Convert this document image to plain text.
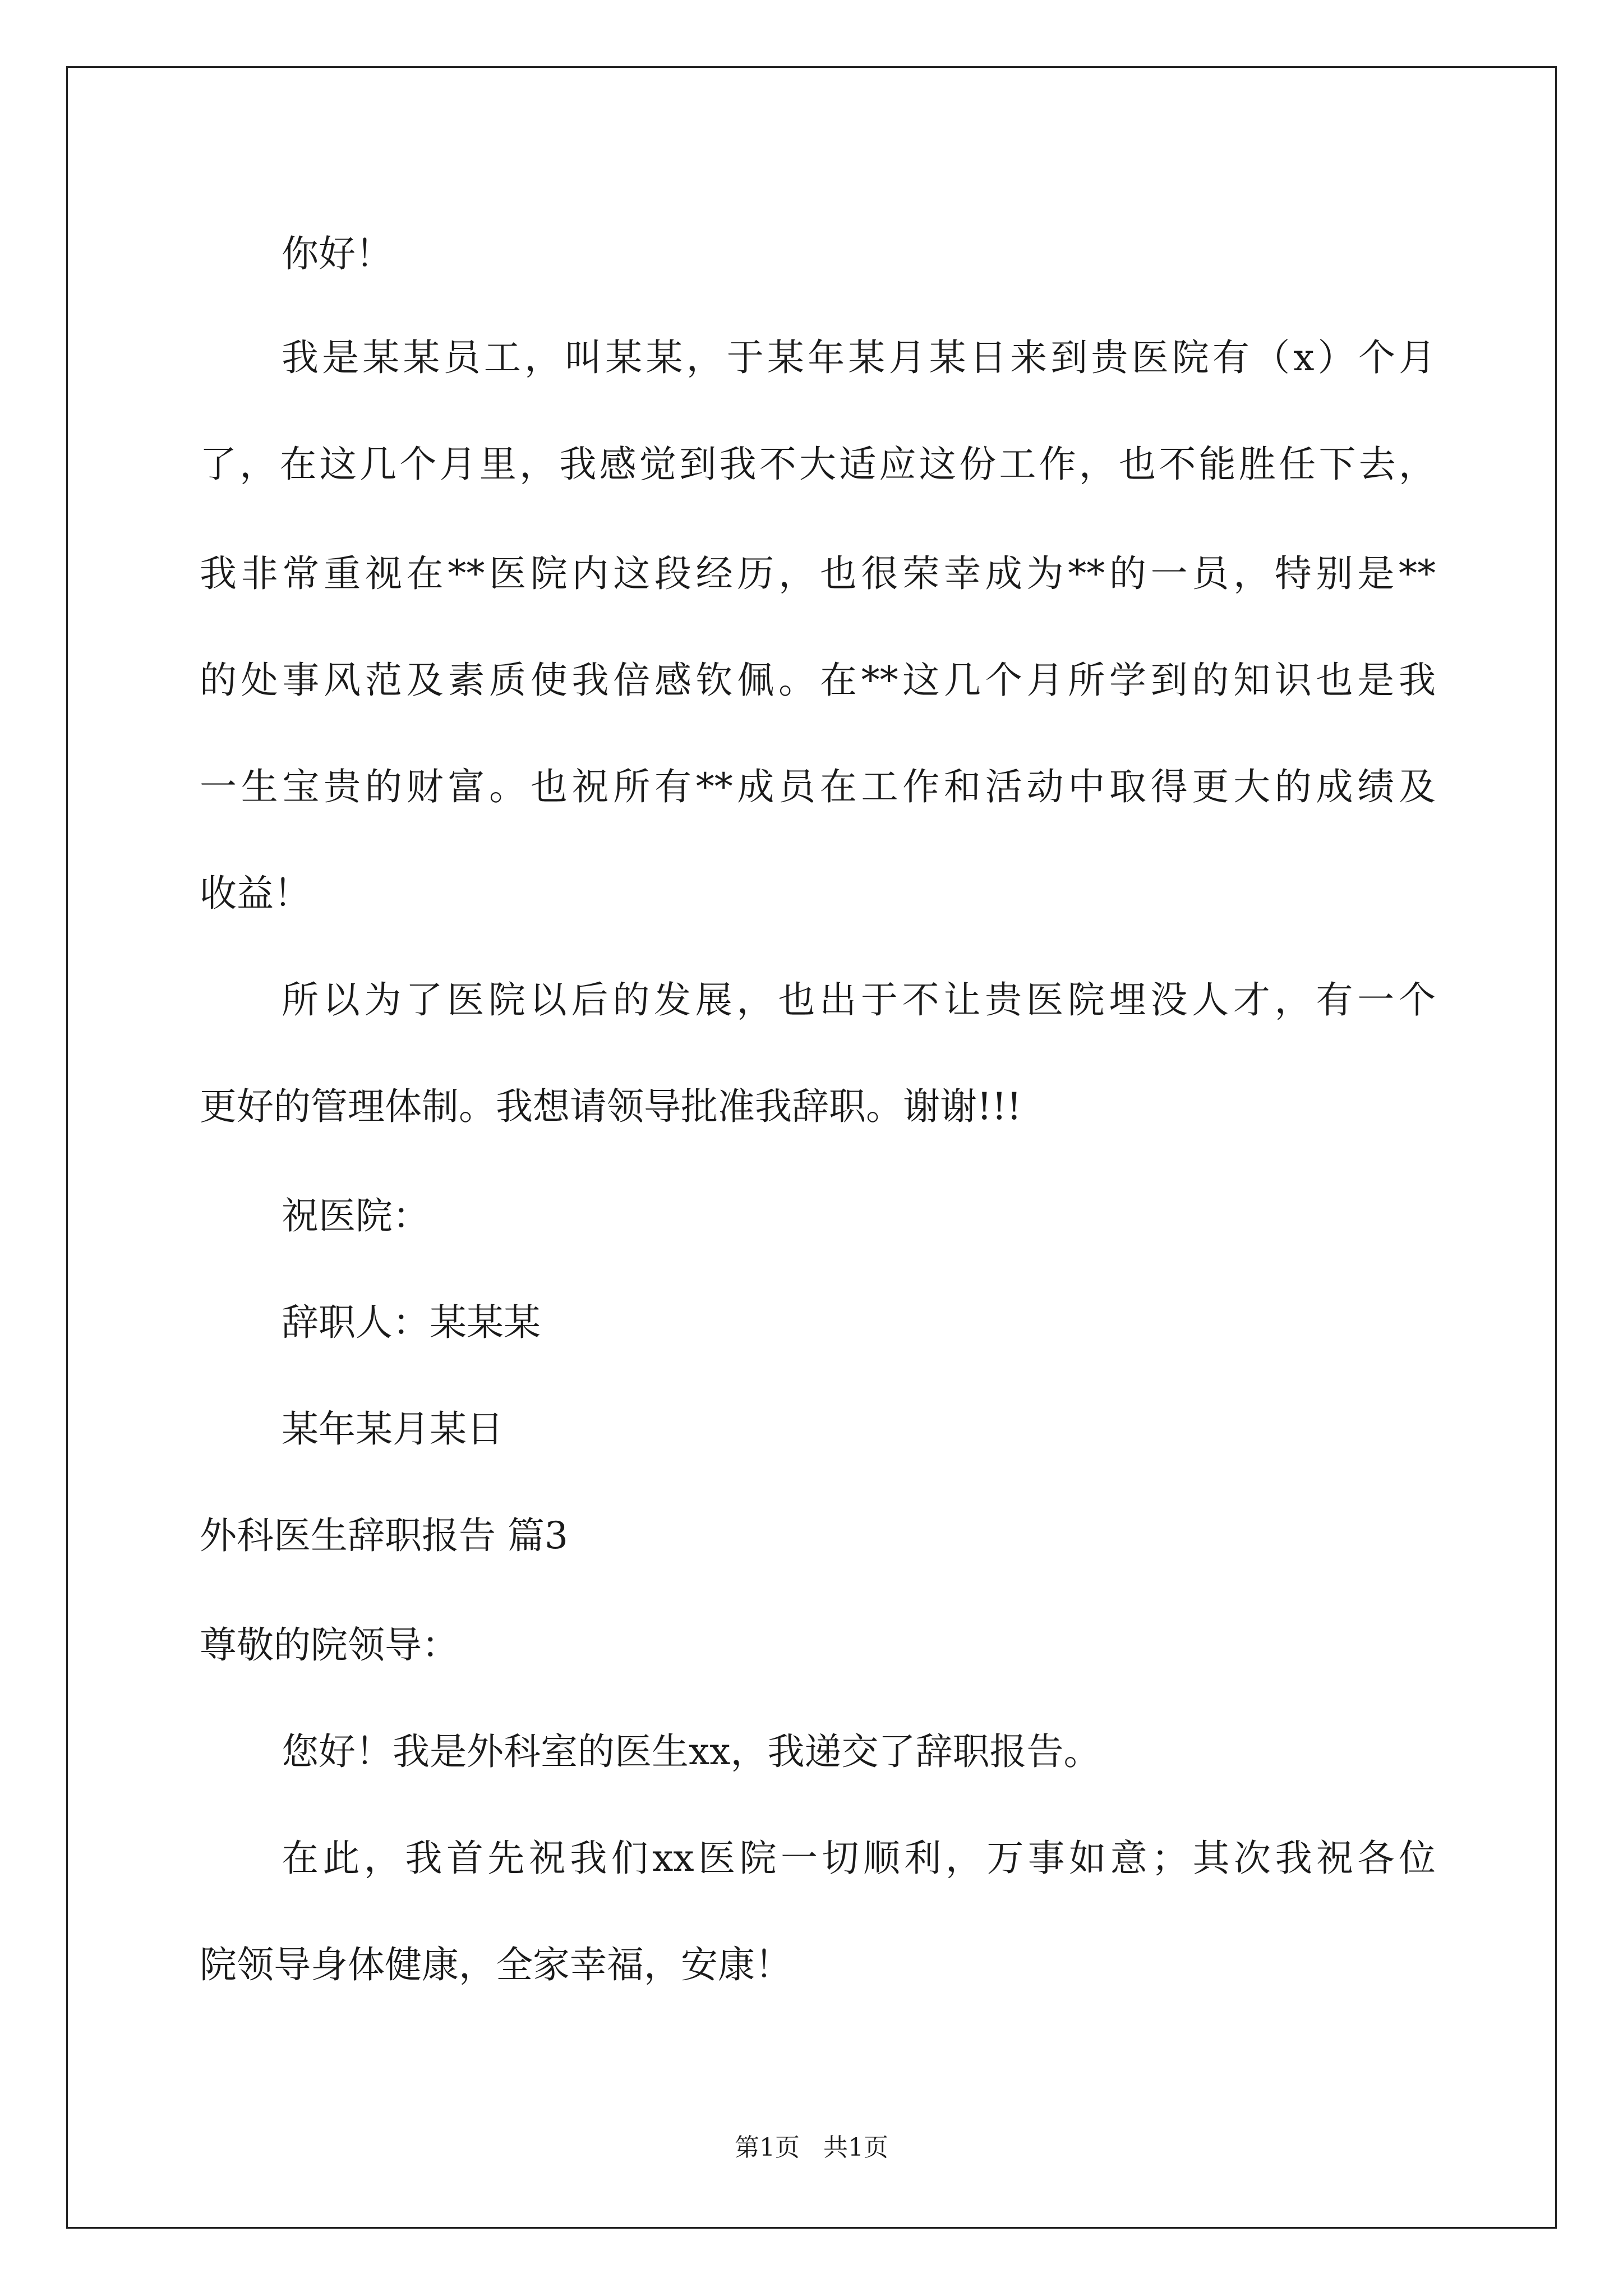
你好！
我是某某员工，叫某某，于某年某月某日来到贵医院有（x）个月
了，在这几个月里，我感觉到我不大适应这份工作，也不能胜任下去，
我非常重视在**医院内这段经历，也很荣幸成为**的一员，特别是**
的处事风范及素质使我倍感钦佩。在**这几个月所学到的知识也是我
一生宝贵的财富。也祝所有**成员在工作和活动中取得更大的成绩及
收益！
所以为了医院以后的发展，也出于不让贵医院埋没人才，有一个
更好的管理体制。我想请领导批准我辞职。谢谢!!!
祝医院：
辞职人：某某某
某年某月某日
外科医生辞职报告 篇3
尊敬的院领导：
您好！我是外科室的医生xx，我递交了辞职报告。
在此，我首先祝我们xx医院一切顺利，万事如意；其次我祝各位
院领导身体健康，全家幸福，安康！
第1页   共1页
